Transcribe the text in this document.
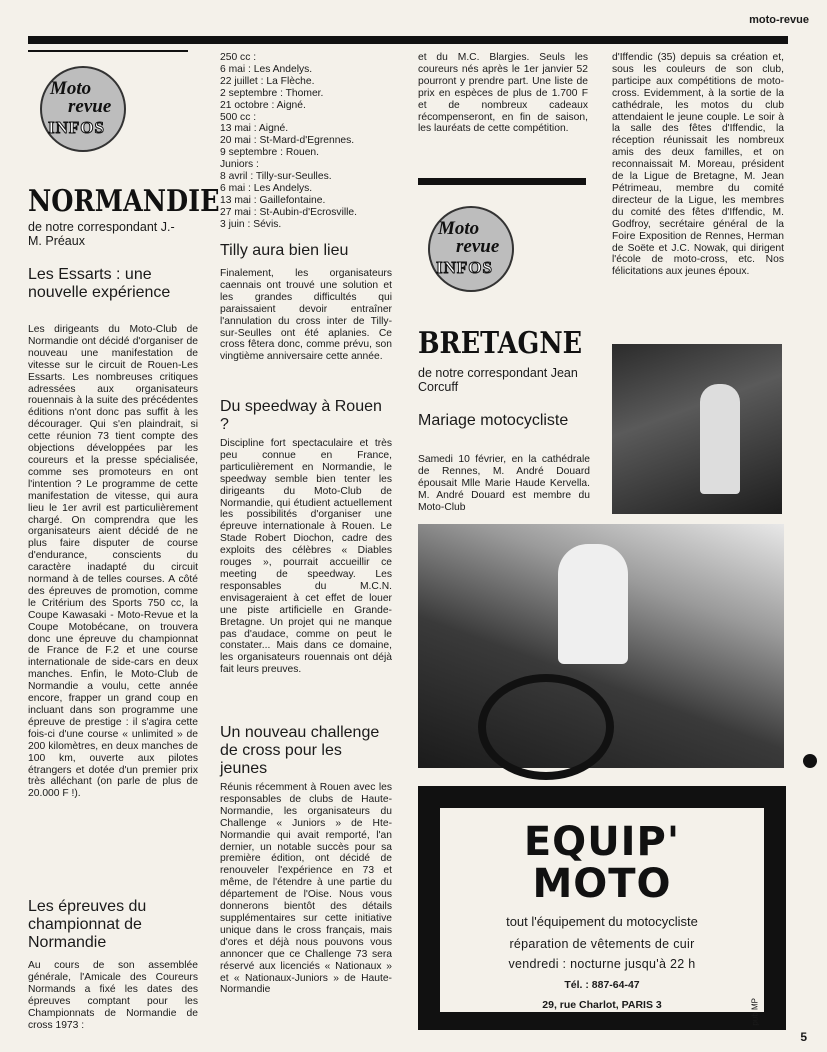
moto-revue
Moto
revue
INFOS
NORMANDIE
de notre correspondant J.-M. Préaux
Les Essarts : une nouvelle expérience
Les dirigeants du Moto-Club de Normandie ont décidé d'organiser de nouveau une manifestation de vitesse sur le circuit de Rouen-Les Essarts. Les nombreuses critiques adressées aux organisateurs rouennais à la suite des précédentes éditions n'ont donc pas suffit à les décourager. Qui s'en plaindrait, si cette réunion 73 tient compte des objections développées par les coureurs et la presse spécialisée, comme ses promoteurs en ont l'intention ? Le programme de cette manifestation de vitesse, qui aura lieu le 1er avril est particulièrement chargé. On comprendra que les organisateurs aient décidé de ne plus faire disputer de course d'endurance, conscients du caractère inadapté du circuit normand à de telles courses. A côté des épreuves de promotion, comme le Critérium des Sports 750 cc, la Coupe Kawasaki - Moto-Revue et la Coupe Motobécane, on trouvera donc une épreuve du championnat de France de F.2 et une course internationale de side-cars en deux manches. Enfin, le Moto-Club de Normandie a voulu, cette année encore, frapper un grand coup en incluant dans son programme une épreuve de prestige : il s'agira cette fois-ci d'une course « unlimited » de 200 kilomètres, en deux manches de 100 km, ouverte aux pilotes étrangers et dotée d'un premier prix très alléchant (on parle de plus de 20.000 F !).
Les épreuves du championnat de Normandie
Au cours de son assemblée générale, l'Amicale des Coureurs Normands a fixé les dates des épreuves comptant pour les Championnats de Normandie de cross 1973 :
250 cc :
6 mai : Les Andelys.
22 juillet : La Flèche.
2 septembre : Thomer.
21 octobre : Aigné.
500 cc :
13 mai : Aigné.
20 mai : St-Mard-d'Egrennes.
9 septembre : Rouen.
Juniors :
8 avril : Tilly-sur-Seulles.
6 mai : Les Andelys.
13 mai : Gaillefontaine.
27 mai : St-Aubin-d'Ecrosville.
3 juin : Sévis.
Tilly aura bien lieu
Finalement, les organisateurs caennais ont trouvé une solution et les grandes difficultés qui paraissaient devoir entraîner l'annulation du cross inter de Tilly-sur-Seulles ont été aplanies. Ce cross fêtera donc, comme prévu, son vingtième anniversaire cette année.
Du speedway à Rouen ?
Discipline fort spectaculaire et très peu connue en France, particulièrement en Normandie, le speedway semble bien tenter les dirigeants du Moto-Club de Normandie, qui étudient actuellement les possibilités d'organiser une épreuve internationale à Rouen. Le Stade Robert Diochon, cadre des exploits des célèbres « Diables rouges », pourrait accueillir ce meeting de speedway. Les responsables du M.C.N. envisageraient à cet effet de louer une piste artificielle en Grande-Bretagne. Un projet qui ne manque pas d'audace, comme on peut le constater... Mais dans ce domaine, les organisateurs rouennais ont déjà fait leurs preuves.
Un nouveau challenge de cross pour les jeunes
Réunis récemment à Rouen avec les responsables de clubs de Haute-Normandie, les organisateurs du Challenge « Juniors » de Hte-Normandie qui avait remporté, l'an dernier, un notable succès pour sa première édition, ont décidé de renouveler l'expérience en 73 et même, de l'étendre à une partie du département de l'Oise. Nous vous donnerons bientôt des détails supplémentaires sur cette initiative unique dans le cross français, mais d'ores et déjà nous pouvons vous annoncer que ce Challenge 73 sera réservé aux licenciés « Nationaux » et « Nationaux-Juniors » de Haute-Normandie
et du M.C. Blargies. Seuls les coureurs nés après le 1er janvier 52 pourront y prendre part. Une liste de prix en espèces de plus de 1.700 F et de nombreux cadeaux récompenseront, en fin de saison, les lauréats de cette compétition.
Moto
revue
INFOS
BRETAGNE
de notre correspondant Jean Corcuff
Mariage motocycliste
Samedi 10 février, en la cathédrale de Rennes, M. André Douard épousait Mlle Marie Haude Kervella. M. André Douard est membre du Moto-Club
d'Iffendic (35) depuis sa création et, sous les couleurs de son club, participe aux compétitions de moto-cross. Evidemment, à la sortie de la cathédrale, les motos du club attendaient le jeune couple. Le soir à la salle des fêtes d'Iffendic, la réception réunissait les nombreux amis des deux familles, et on reconnaissait M. Moreau, président de la Ligue de Bretagne, M. Jean Pétrimeau, membre du comité directeur de la Ligue, les membres du comité des fêtes d'Iffendic, M. Godfroy, secrétaire général de la Foire Exposition de Rennes, Herman de Soëte et J.C. Nowak, qui dirigent l'école de moto-cross, etc. Nos félicitations aux jeunes époux.
EQUIP'
MOTO
tout l'équipement du motocycliste
réparation de vêtements de cuir
vendredi : nocturne jusqu'à 22 h
Tél. : 887-64-47
29, rue Charlot, PARIS 3	pub MP
5
